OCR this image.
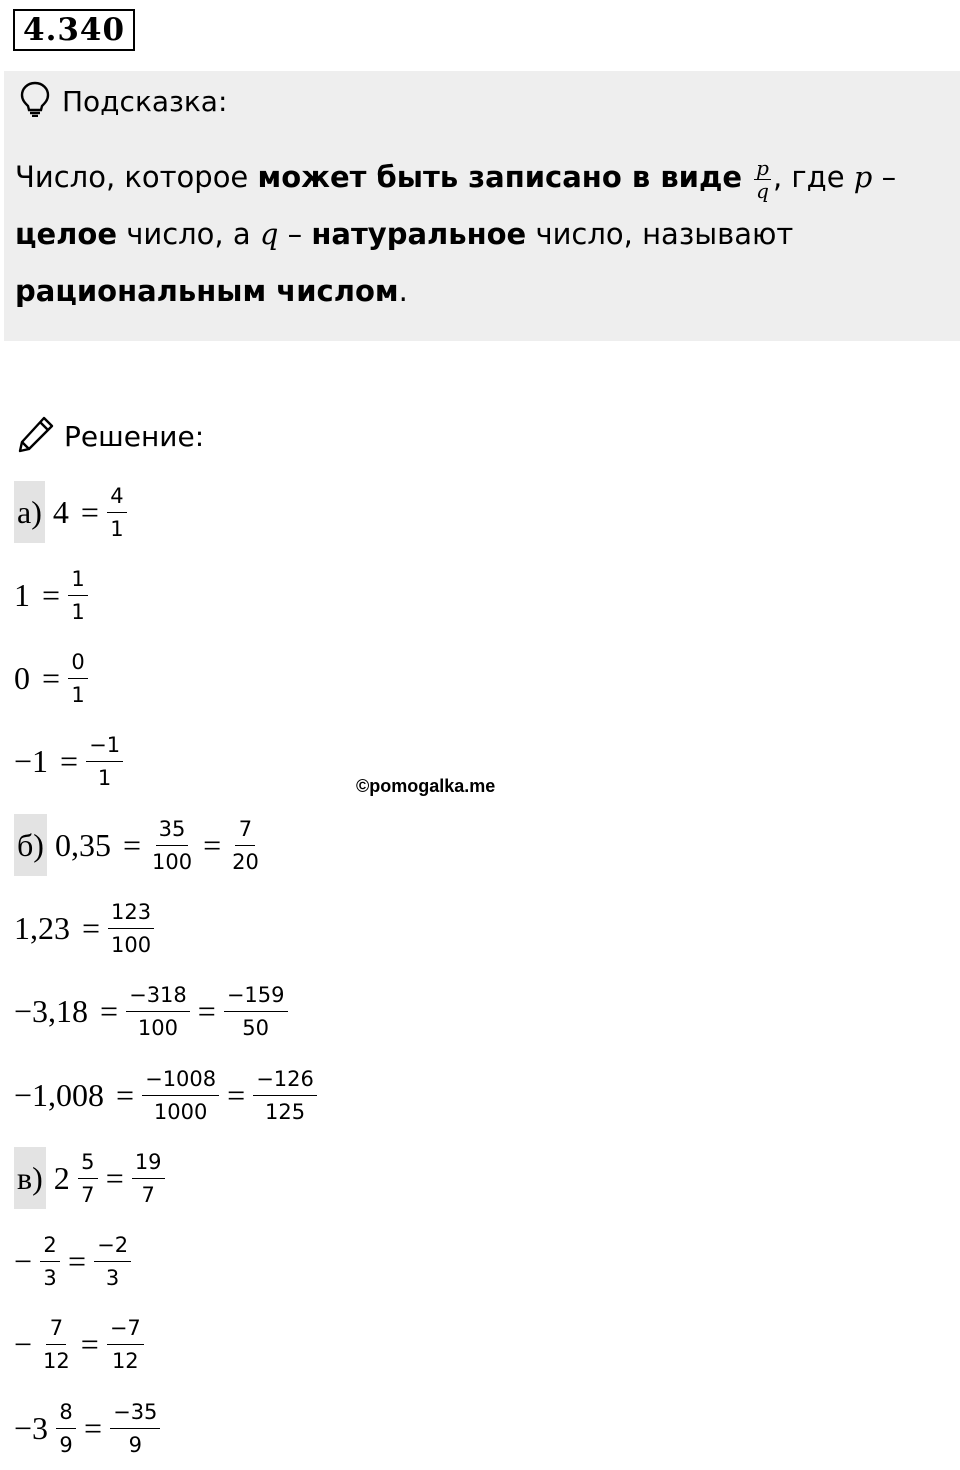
4.340
Подсказка:
Число, которое может быть записано в виде $\frac{p}{q}$ , где p – целое число, а q – натуральное число, называют рациональным числом.
Решение:
а) $4 = \frac{4}{1}$
$1 = \frac{1}{1}$
$0 = \frac{0}{1}$
$-1 = \frac{-1}{1}$
б) $0,35 = \frac{35}{100} = \frac{7}{20}$
$1,23 = \frac{123}{100}$
$-3,18 = \frac{-318}{100} = \frac{-159}{50}$
$-1,008 = \frac{-1008}{1000} = \frac{-126}{125}$
в) $2 \frac{5}{7} = \frac{19}{7}$
− $\frac{2}{3} = \frac{-2}{3}$
− $\frac{7}{12} = \frac{-7}{12}$
$-3 \frac{8}{9} = \frac{-35}{9}$
©pomogalka.me
